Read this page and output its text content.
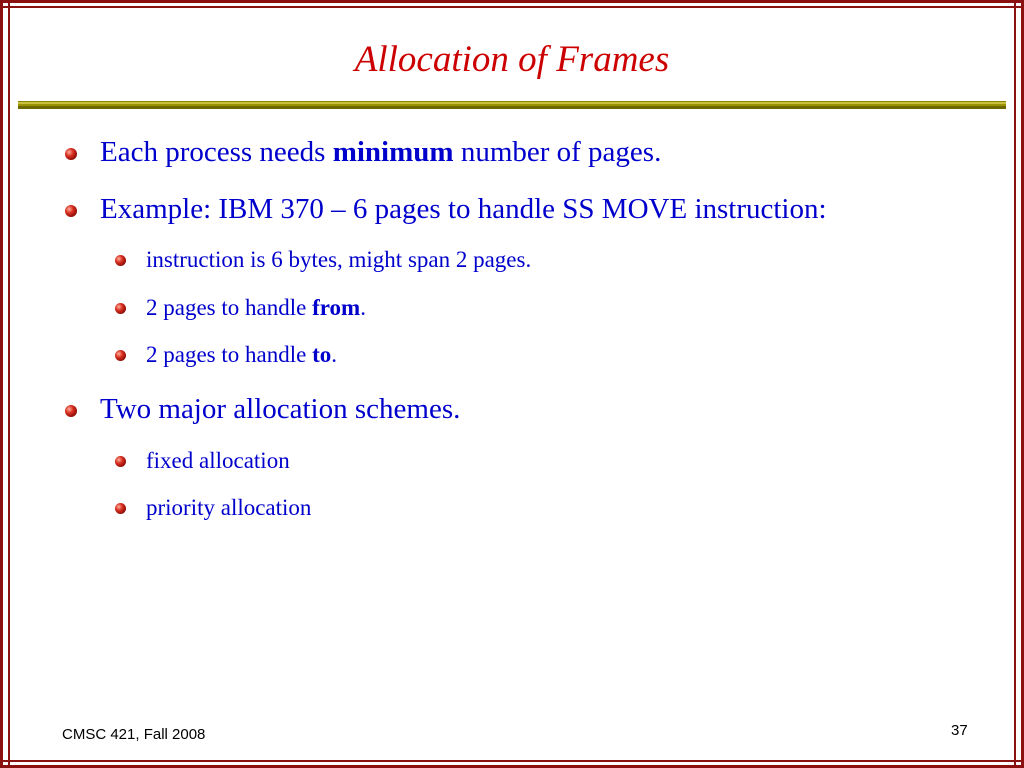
Allocation of Frames
Each process needs minimum number of pages.
Example: IBM 370 – 6 pages to handle SS MOVE instruction:
instruction is 6 bytes, might span 2 pages.
2 pages to handle from.
2 pages to handle to.
Two major allocation schemes.
fixed allocation
priority allocation
CMSC 421, Fall 2008	37
